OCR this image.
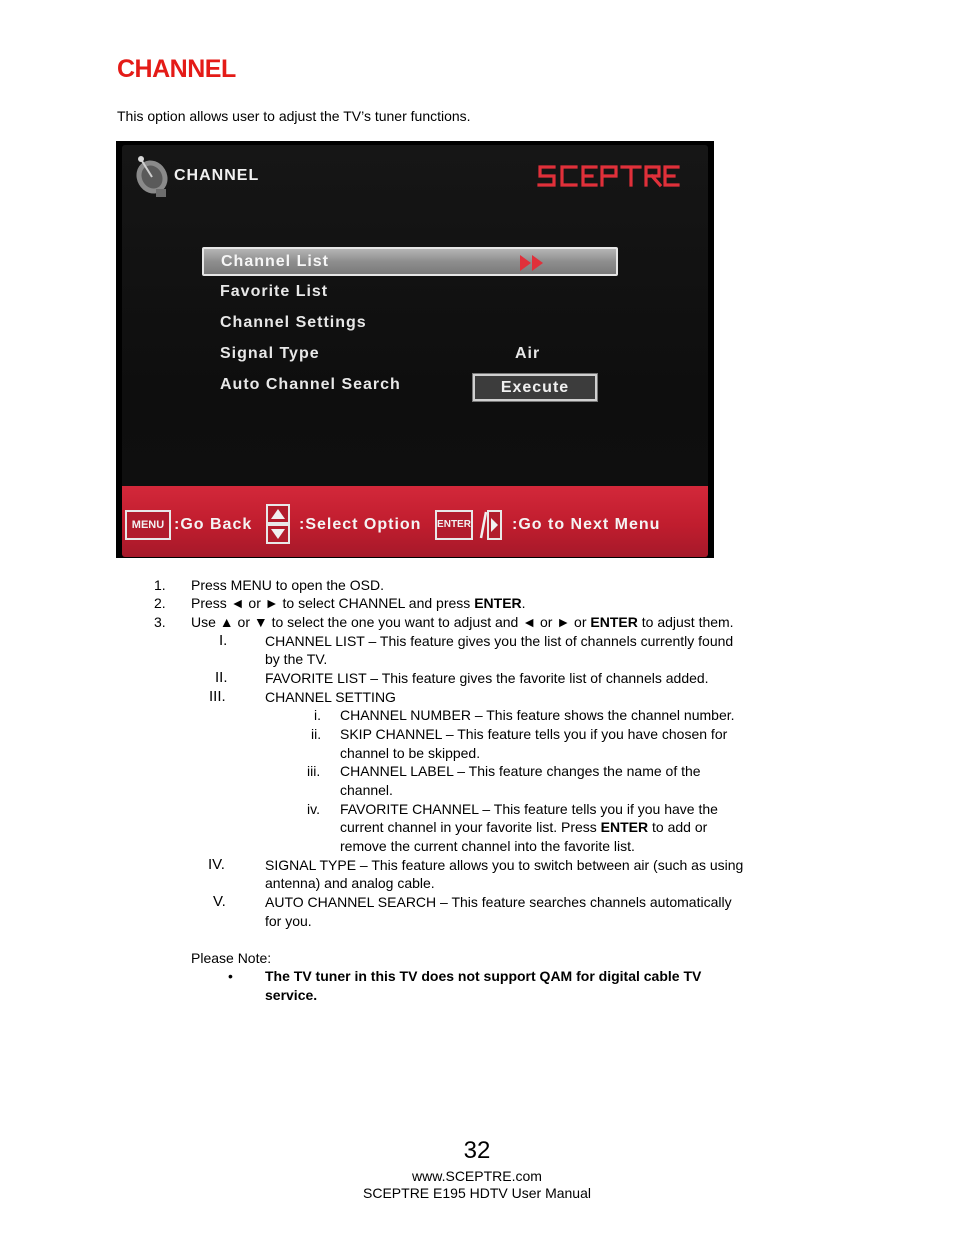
CHANNEL
This option allows user to adjust the TV’s tuner functions.
CHANNEL
Channel List
Favorite List
Channel Settings
Signal Type	Air
Auto Channel Search	Execute
MENU :Go Back	:Select Option ENTER	:Go to Next Menu
1. Press MENU to open the OSD.
2. Press ◄ or ► to select CHANNEL and press ENTER.
3. Use ▲ or ▼ to select the one you want to adjust and ◄ or ► or ENTER to adjust them.
I.	CHANNEL LIST – This feature gives you the list of channels currently found
by the TV.
II.	FAVORITE LIST – This feature gives the favorite list of channels added.
III.	CHANNEL SETTING
i. CHANNEL NUMBER – This feature shows the channel number.
ii. SKIP CHANNEL – This feature tells you if you have chosen for
channel to be skipped.
iii. CHANNEL LABEL – This feature changes the name of the
channel.
iv. FAVORITE CHANNEL – This feature tells you if you have the
current channel in your favorite list. Press ENTER to add or
remove the current channel into the favorite list.
IV.	SIGNAL TYPE – This feature allows you to switch between air (such as using
antenna) and analog cable.
V.	AUTO CHANNEL SEARCH – This feature searches channels automatically
for you.
Please Note:
• The TV tuner in this TV does not support QAM for digital cable TV
service.
32
www.SCEPTRE.com
SCEPTRE E195 HDTV User Manual
